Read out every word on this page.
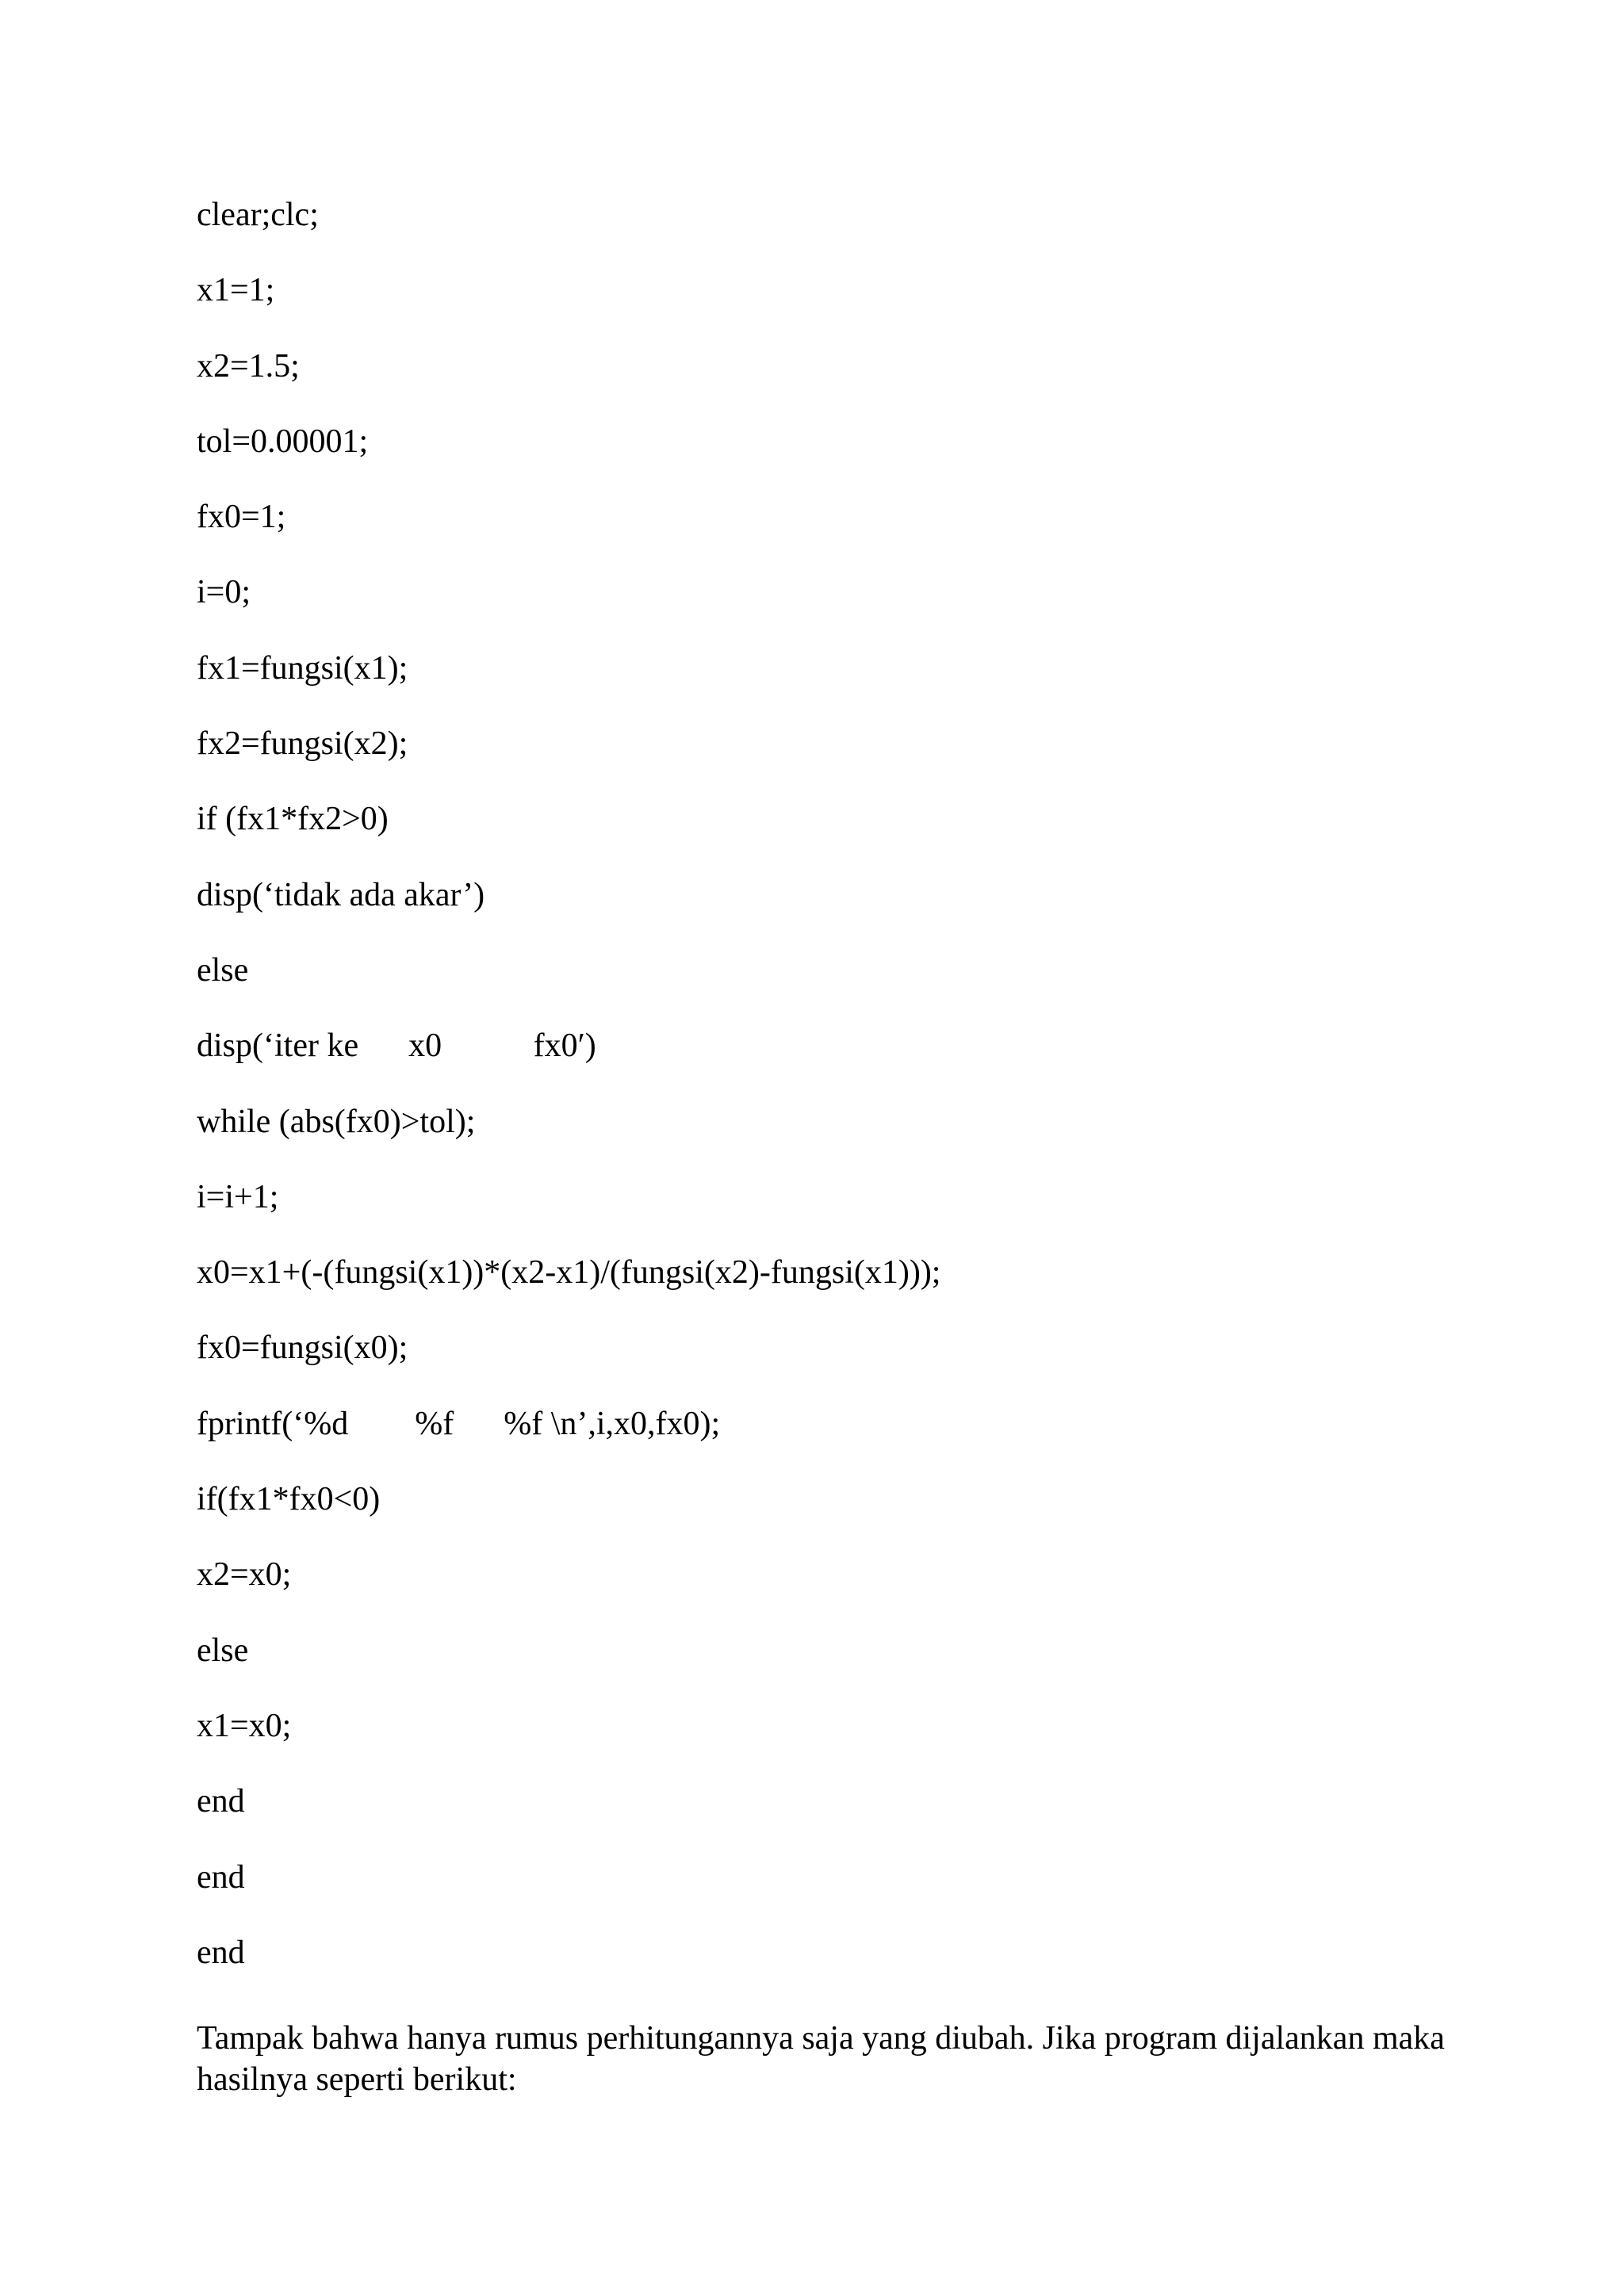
clear;clc;
x1=1;
x2=1.5;
tol=0.00001;
fx0=1;
i=0;
fx1=fungsi(x1);
fx2=fungsi(x2);
if (fx1*fx2>0)
disp(‘tidak ada akar’)
else
disp(‘iter ke      x0           fx0′)
while (abs(fx0)>tol);
i=i+1;
x0=x1+(-(fungsi(x1))*(x2-x1)/(fungsi(x2)-fungsi(x1)));
fx0=fungsi(x0);
fprintf(‘%d        %f      %f \n’,i,x0,fx0);
if(fx1*fx0<0)
x2=x0;
else
x1=x0;
end
end
end

Tampak bahwa hanya rumus perhitungannya saja yang diubah. Jika program dijalankan maka hasilnya seperti berikut:
